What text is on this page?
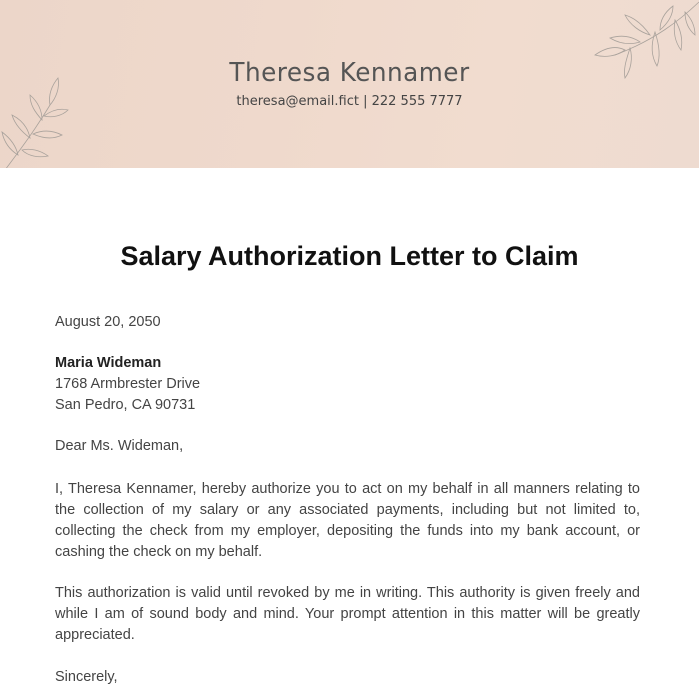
Theresa Kennamer
theresa@email.fict | 222 555 7777
Salary Authorization Letter to Claim
August 20, 2050
Maria Wideman
1768 Armbrester Drive
San Pedro, CA 90731
Dear Ms. Wideman,
I, Theresa Kennamer, hereby authorize you to act on my behalf in all manners relating to the collection of my salary or any associated payments, including but not limited to, collecting the check from my employer, depositing the funds into my bank account, or cashing the check on my behalf.
This authorization is valid until revoked by me in writing. This authority is given freely and while I am of sound body and mind. Your prompt attention in this matter will be greatly appreciated.
Sincerely,
